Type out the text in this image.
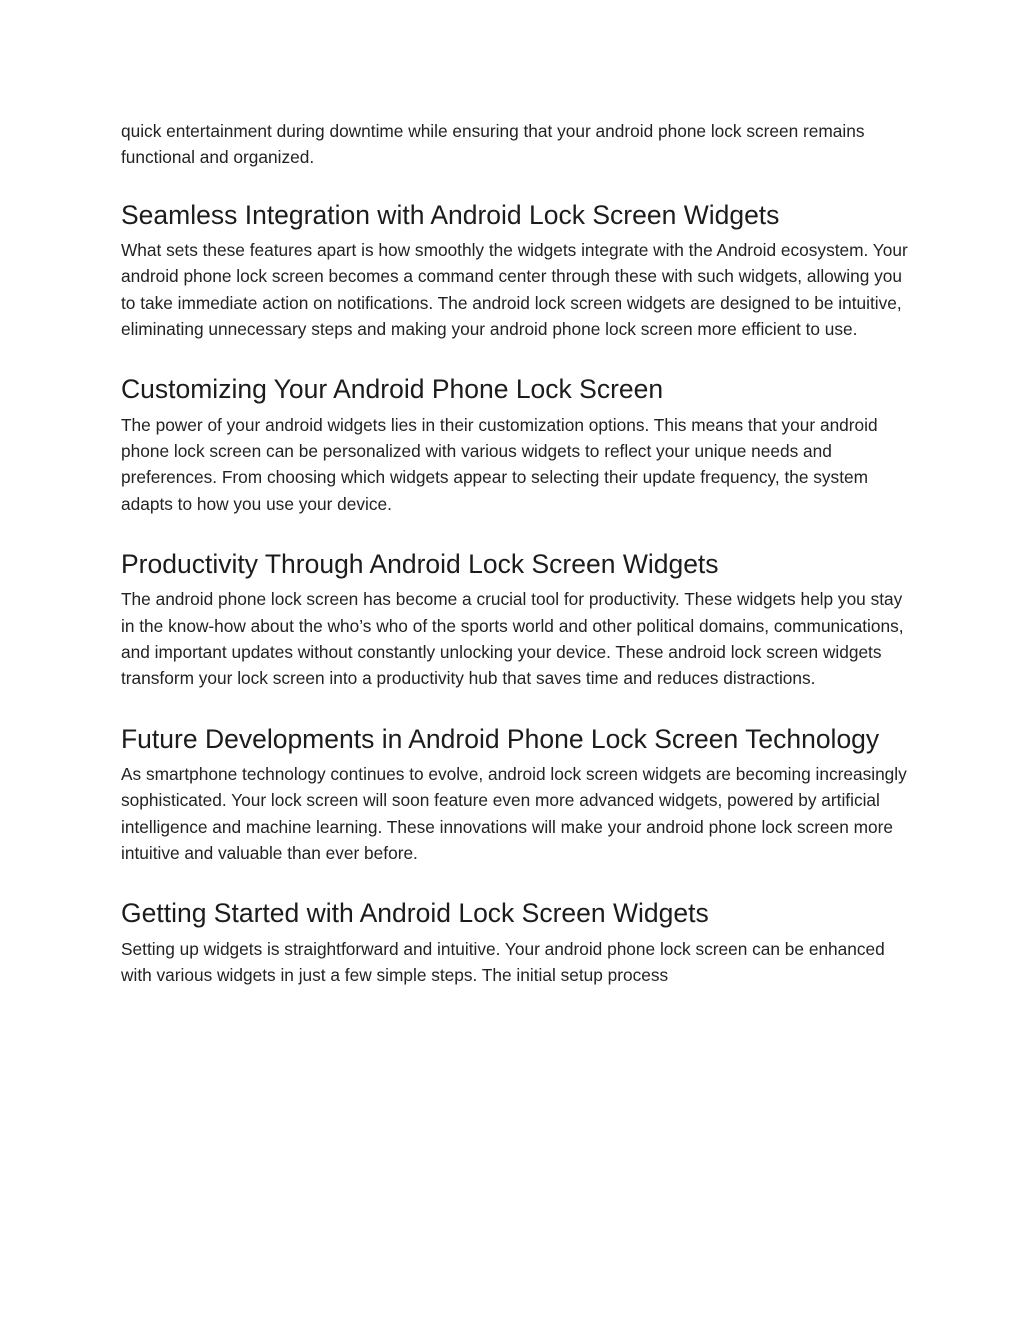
quick entertainment during downtime while ensuring that your android phone lock screen remains functional and organized.

Seamless Integration with Android Lock Screen Widgets

What sets these features apart is how smoothly the widgets integrate with the Android ecosystem. Your android phone lock screen becomes a command center through these with such widgets, allowing you to take immediate action on notifications. The android lock screen widgets are designed to be intuitive, eliminating unnecessary steps and making your android phone lock screen more efficient to use.

Customizing Your Android Phone Lock Screen

The power of your android widgets lies in their customization options. This means that your android phone lock screen can be personalized with various widgets to reflect your unique needs and preferences. From choosing which widgets appear to selecting their update frequency, the system adapts to how you use your device.

Productivity Through Android Lock Screen Widgets

The android phone lock screen has become a crucial tool for productivity. These widgets help you stay in the know-how about the who’s who of the sports world and other political domains, communications, and important updates without constantly unlocking your device. These android lock screen widgets transform your lock screen into a productivity hub that saves time and reduces distractions.

Future Developments in Android Phone Lock Screen Technology

As smartphone technology continues to evolve, android lock screen widgets are becoming increasingly sophisticated. Your lock screen will soon feature even more advanced widgets, powered by artificial intelligence and machine learning. These innovations will make your android phone lock screen more intuitive and valuable than ever before.

Getting Started with Android Lock Screen Widgets

Setting up widgets is straightforward and intuitive. Your android phone lock screen can be enhanced with various widgets in just a few simple steps. The initial setup process
